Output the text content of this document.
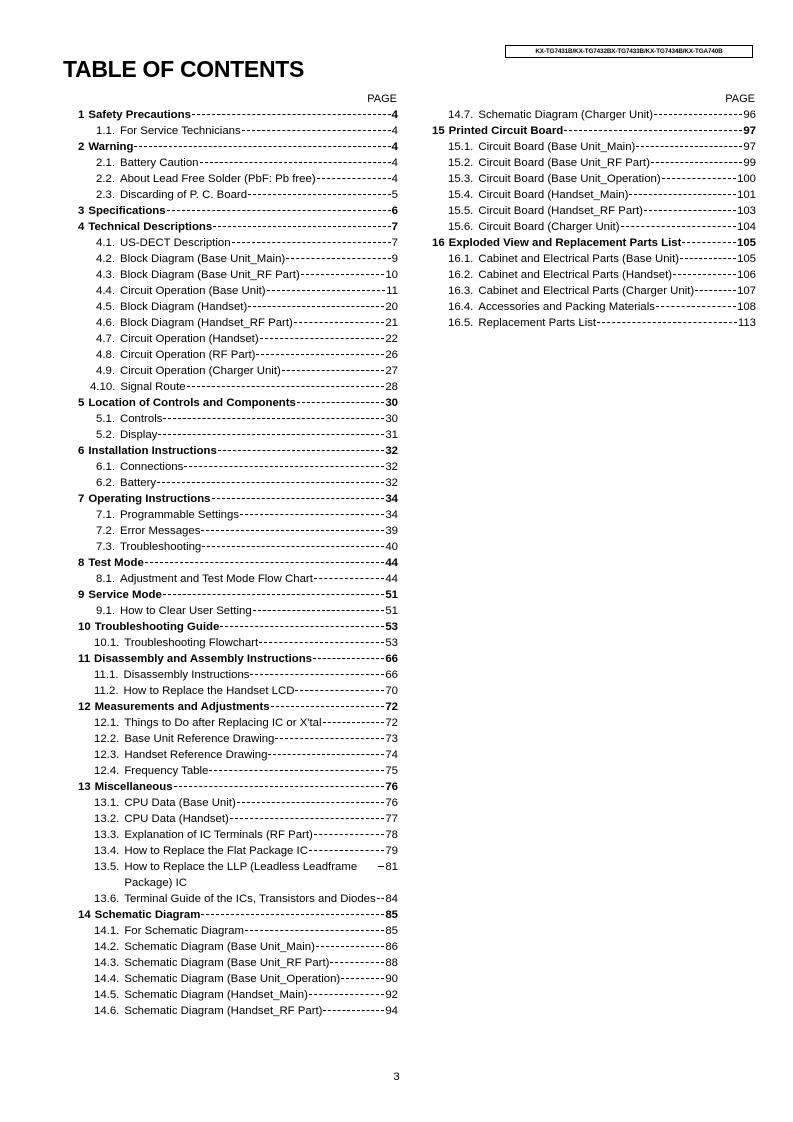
KX-TG7431B/KX-TG7432BX-TG7433B/KX-TG7434B/KX-TGA740B
TABLE OF CONTENTS
PAGE
1 Safety Precautions	4
1.1. For Service Technicians	4
2 Warning	4
2.1. Battery Caution	4
2.2. About Lead Free Solder (PbF: Pb free)	4
2.3. Discarding of P. C. Board	5
3 Specifications	6
4 Technical Descriptions	7
4.1. US-DECT Description	7
4.2. Block Diagram (Base Unit_Main)	9
4.3. Block Diagram (Base Unit_RF Part)	10
4.4. Circuit Operation (Base Unit)	11
4.5. Block Diagram (Handset)	20
4.6. Block Diagram (Handset_RF Part)	21
4.7. Circuit Operation (Handset)	22
4.8. Circuit Operation (RF Part)	26
4.9. Circuit Operation (Charger Unit)	27
4.10. Signal Route	28
5 Location of Controls and Components	30
5.1. Controls	30
5.2. Display	31
6 Installation Instructions	32
6.1. Connections	32
6.2. Battery	32
7 Operating Instructions	34
7.1. Programmable Settings	34
7.2. Error Messages	39
7.3. Troubleshooting	40
8 Test Mode	44
8.1. Adjustment and Test Mode Flow Chart	44
9 Service Mode	51
9.1. How to Clear User Setting	51
10 Troubleshooting Guide	53
10.1. Troubleshooting Flowchart	53
11 Disassembly and Assembly Instructions	66
11.1. Disassembly Instructions	66
11.2. How to Replace the Handset LCD	70
12 Measurements and Adjustments	72
12.1. Things to Do after Replacing IC or X'tal	72
12.2. Base Unit Reference Drawing	73
12.3. Handset Reference Drawing	74
12.4. Frequency Table	75
13 Miscellaneous	76
13.1. CPU Data (Base Unit)	76
13.2. CPU Data (Handset)	77
13.3. Explanation of IC Terminals (RF Part)	78
13.4. How to Replace the Flat Package IC	79
13.5. How to Replace the LLP (Leadless Leadframe Package) IC
81
13.6. Terminal Guide of the ICs, Transistors and Diodes 84
14 Schematic Diagram	85
14.1. For Schematic Diagram	85
14.2. Schematic Diagram (Base Unit_Main)	86
14.3. Schematic Diagram (Base Unit_RF Part)	88
14.4. Schematic Diagram (Base Unit_Operation)	90
14.5. Schematic Diagram (Handset_Main)	92
14.6. Schematic Diagram (Handset_RF Part)	94
PAGE
14.7. Schematic Diagram (Charger Unit)	96
15 Printed Circuit Board	97
15.1. Circuit Board (Base Unit_Main)	97
15.2. Circuit Board (Base Unit_RF Part)	99
15.3. Circuit Board (Base Unit_Operation)	100
15.4. Circuit Board (Handset_Main)	101
15.5. Circuit Board (Handset_RF Part)	103
15.6. Circuit Board (Charger Unit)	104
16 Exploded View and Replacement Parts List	105
16.1. Cabinet and Electrical Parts (Base Unit)	105
16.2. Cabinet and Electrical Parts (Handset)	106
16.3. Cabinet and Electrical Parts (Charger Unit)	107
16.4. Accessories and Packing Materials	108
16.5. Replacement Parts List	113
3
